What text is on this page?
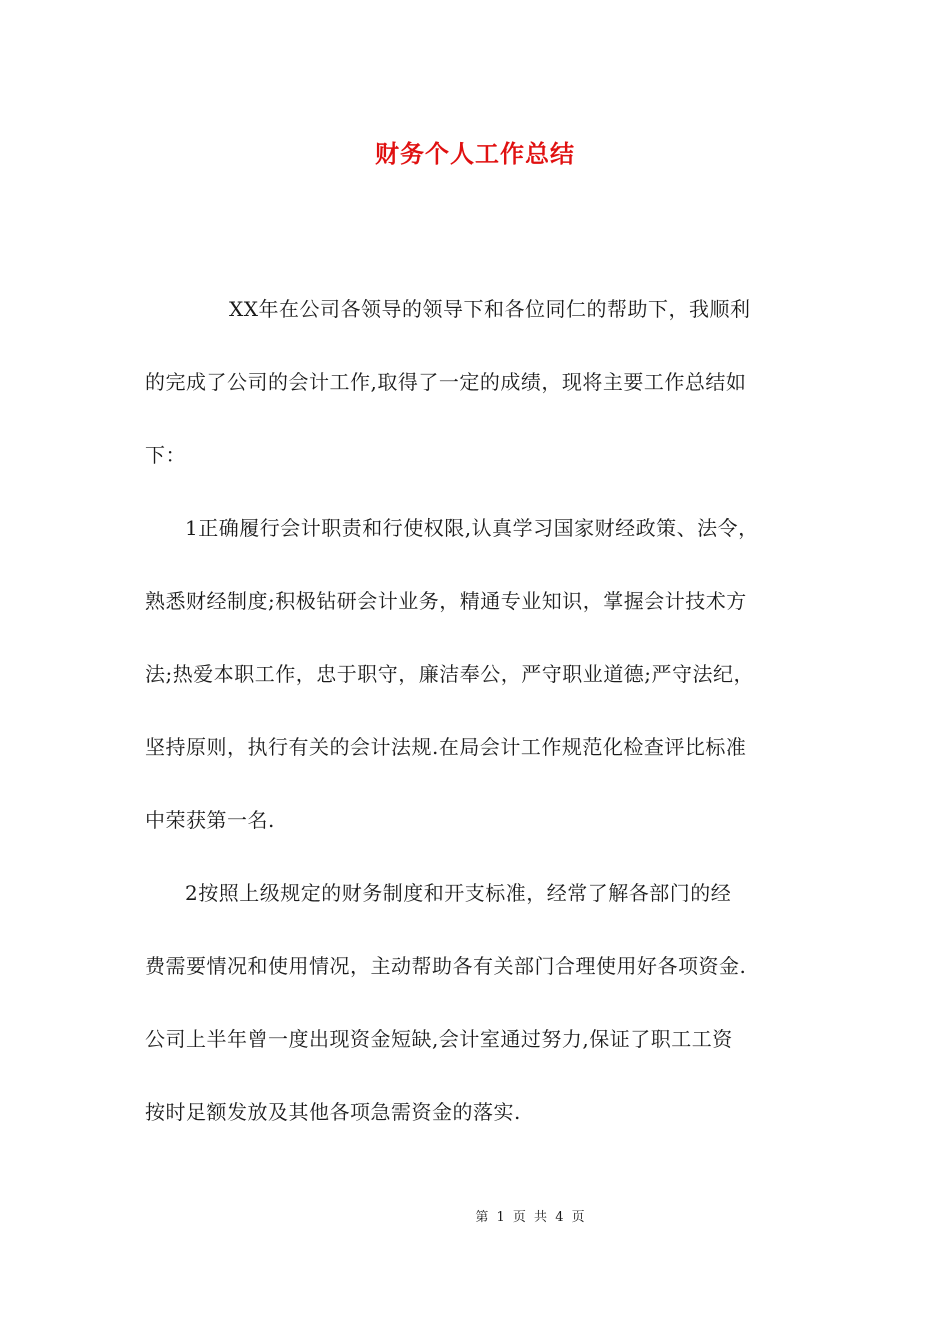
财务个人工作总结
XX年在公司各领导的领导下和各位同仁的帮助下，我顺利
的完成了公司的会计工作,取得了一定的成绩，现将主要工作总结如
下：
1正确履行会计职责和行使权限,认真学习国家财经政策、法令，
熟悉财经制度;积极钻研会计业务，精通专业知识，掌握会计技术方
法;热爱本职工作，忠于职守，廉洁奉公，严守职业道德;严守法纪，
坚持原则，执行有关的会计法规.在局会计工作规范化检查评比标准
中荣获第一名.
2按照上级规定的财务制度和开支标准，经常了解各部门的经
费需要情况和使用情况，主动帮助各有关部门合理使用好各项资金.
公司上半年曾一度出现资金短缺,会计室通过努力,保证了职工工资
按时足额发放及其他各项急需资金的落实.
第 1 页 共 4 页
